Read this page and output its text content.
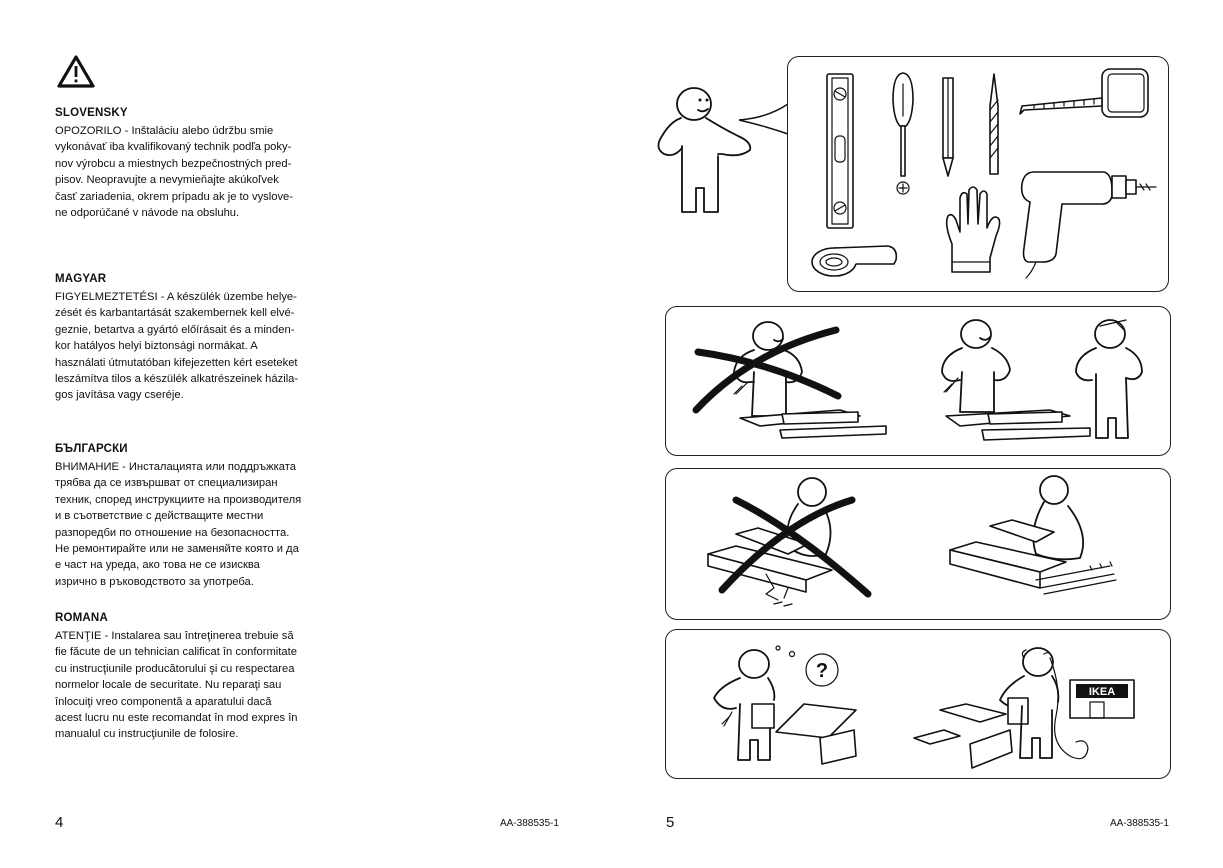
SLOVENSKY

OPOZORILO - Inštaláciu alebo údržbu smie
vykonávať iba kvalifikovaný technik podľa poky-
nov výrobcu a miestnych bezpečnostných pred-
pisov. Neopravujte a nevymieňajte akúkoľvek
časť zariadenia, okrem prípadu ak je to vyslove-
ne odporúčané v návode na obsluhu.

MAGYAR

FIGYELMEZTETÉSI - A készülék üzembe helye-
zését és karbantartását szakembernek kell elvé-
geznie, betartva a gyártó előírásait és a minden-
kor hatályos helyi biztonsági normákat. A
használati útmutatóban kifejezetten kért eseteket
leszámítva tilos a készülék alkatrészeinek házila-
gos javítása vagy cseréje.

БЪЛГАРСКИ

ВНИМАНИЕ - Инсталацията или поддръжката
трябва да се извършват от специализиран
техник, според инструкциите на производителя
и в съответствие с действащите местни
разпоредби по отношение на безопасността.
Не ремонтирайте или не заменяйте която и да
е част на уреда, ако това не се изисква
изрично в ръководството за употреба.

ROMANA

ATENŢIE - Instalarea sau întreţinerea trebuie să
fie făcute de un tehnician calificat în conformitate
cu instrucţiunile producătorului şi cu respectarea
normelor locale de securitate. Nu reparaţi sau
înlocuiţi vreo componentă a aparatului dacă
acest lucru nu este recomandat în mod expres în
manualul cu instrucţiunile de folosire.

4	AA-388535-1
?
IKEA
5	AA-388535-1
